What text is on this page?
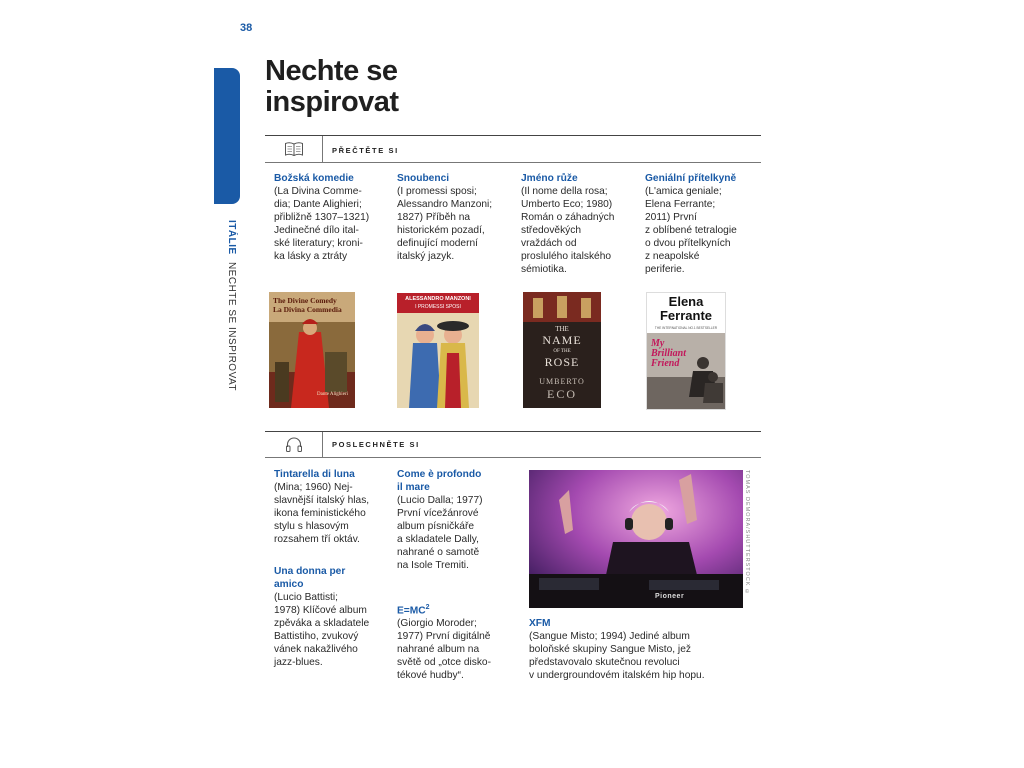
38
ITÁLIE NECHTE SE INSPIROVAT
Nechte se
inspirovat
PŘEČTĚTE SI
Božská komedie
(La Divina Comme-
dia; Dante Alighieri;
přibližně 1307–1321)
Jedinečné dílo ital-
ské literatury; kroni-
ka lásky a ztráty
Snoubenci
(I promessi sposi;
Alessandro Manzoni;
1827) Příběh na
historickém pozadí,
definující moderní
italský jazyk.
Jméno růže
(Il nome della rosa;
Umberto Eco; 1980)
Román o záhadných
středověkých
vraždách od
proslulého italského
sémiotika.
Geniální přítelkyně
(L'amica geniale;
Elena Ferrante;
2011) První
z oblíbené tetralogie
o dvou přítelkyních
z neapolské
periferie.
The Divine Comedy
La Divina Commedia
Dante Alighieri
ALESSANDRO MANZONI
I PROMESSI SPOSI
THE
NAME
OF THE
ROSE
UMBERTO
ECO
Elena
Ferrante
THE INTERNATIONAL NO.1 BESTSELLER
My
Brilliant
Friend
POSLECHNĚTE SI
Tintarella di luna
(Mina; 1960) Nej-
slavnější italský hlas,
ikona feministického
stylu s hlasovým
rozsahem tří oktáv.
Una donna per
amico
(Lucio Battisti;
1978) Klíčové album
zpěváka a skladatele
Battistiho, zvukový
vánek nakažlivého
jazz-blues.
Come è profondo
il mare
(Lucio Dalla; 1977)
První vícežánrové
album písničkáře
a skladatele Dally,
nahrané o samotě
na Isole Tremiti.
$E=MC^2$
(Giorgio Moroder;
1977) První digitálně
nahrané album na
světě od „otce disko-
tékové hudby“.
Pioneer
TOMAS DEMORA/SHUTTERSTOCK ©
XFM
(Sangue Misto; 1994) Jediné album
boloňské skupiny Sangue Misto, jež
představovalo skutečnou revoluci
v undergroundovém italském hip hopu.
